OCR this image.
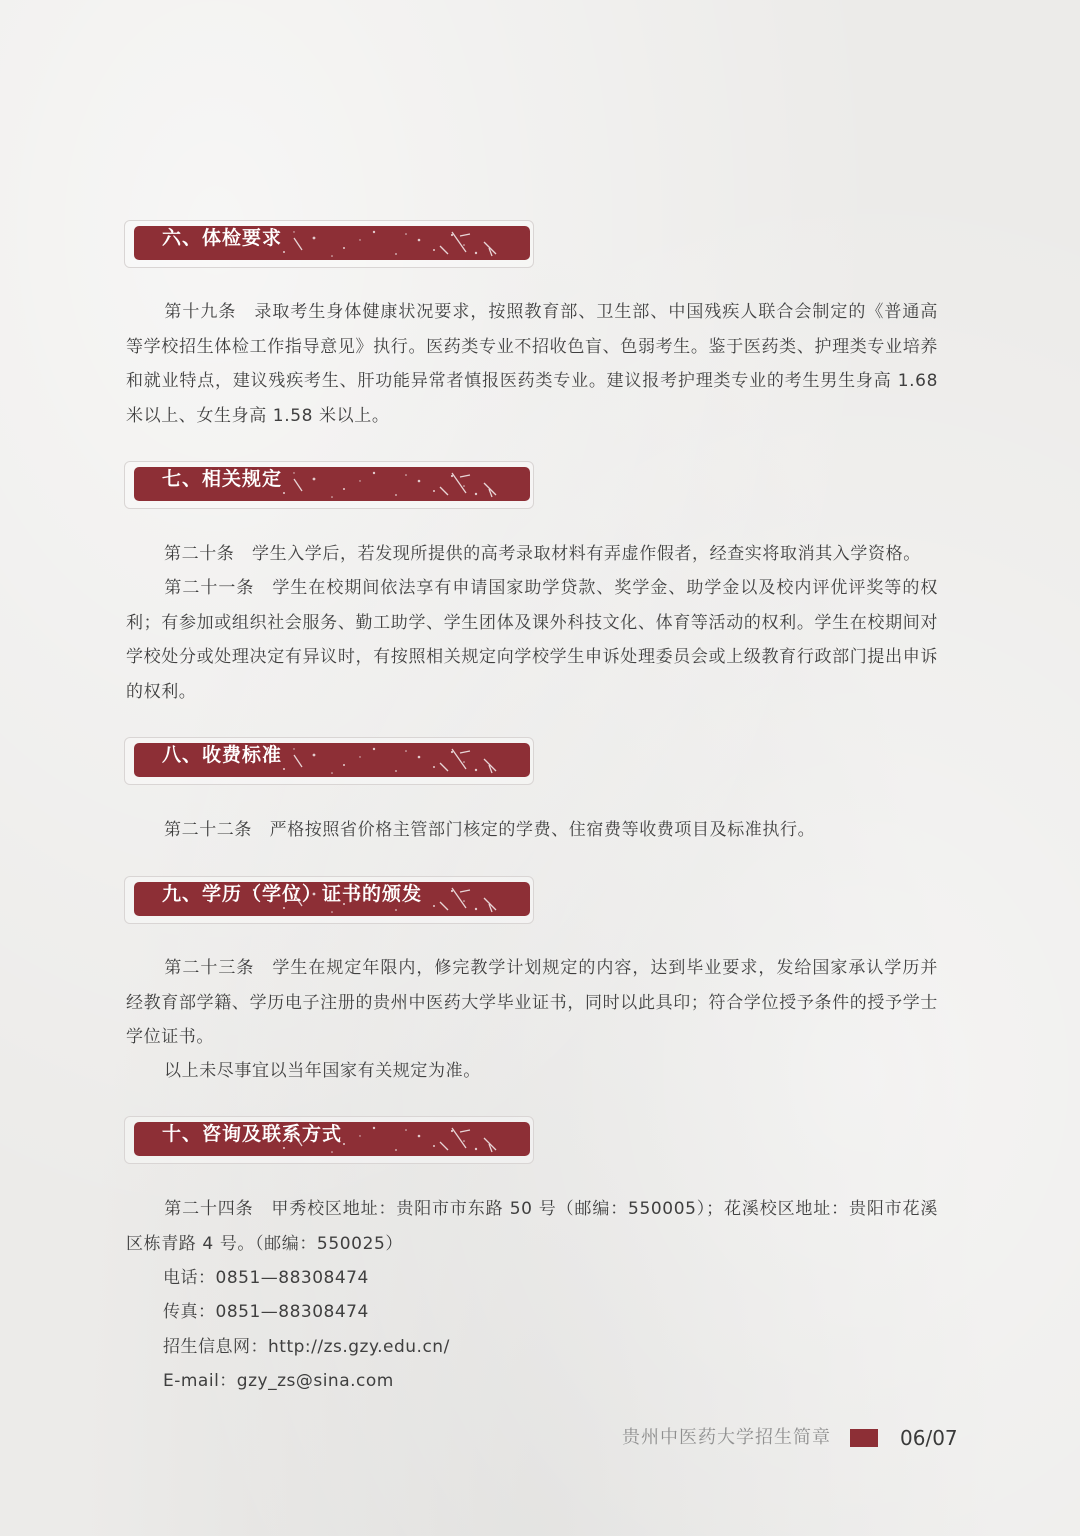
六、体检要求

第十九条　录取考生身体健康状况要求，按照教育部、卫生部、中国残疾人联合会制定的《普通高等学校招生体检工作指导意见》执行。医药类专业不招收色盲、色弱考生。鉴于医药类、护理类专业培养和就业特点，建议残疾考生、肝功能异常者慎报医药类专业。建议报考护理类专业的考生男生身高 1.68 米以上、女生身高 1.58 米以上。

七、相关规定

第二十条　学生入学后，若发现所提供的高考录取材料有弄虚作假者，经查实将取消其入学资格。

第二十一条　学生在校期间依法享有申请国家助学贷款、奖学金、助学金以及校内评优评奖等的权利；有参加或组织社会服务、勤工助学、学生团体及课外科技文化、体育等活动的权利。学生在校期间对学校处分或处理决定有异议时，有按照相关规定向学校学生申诉处理委员会或上级教育行政部门提出申诉的权利。

八、收费标准

第二十二条　严格按照省价格主管部门核定的学费、住宿费等收费项目及标准执行。

九、学历（学位）证书的颁发

第二十三条　学生在规定年限内，修完教学计划规定的内容，达到毕业要求，发给国家承认学历并经教育部学籍、学历电子注册的贵州中医药大学毕业证书，同时以此具印；符合学位授予条件的授予学士学位证书。

以上未尽事宜以当年国家有关规定为准。

十、咨询及联系方式

第二十四条　甲秀校区地址：贵阳市市东路 50 号（邮编：550005）；花溪校区地址：贵阳市花溪区栋青路 4 号。（邮编：550025）

电话：0851—88308474

传真：0851—88308474

招生信息网：http://zs.gzy.edu.cn/

E-mail：gzy_zs@sina.com

贵州中医药大学招生简章	06/07
